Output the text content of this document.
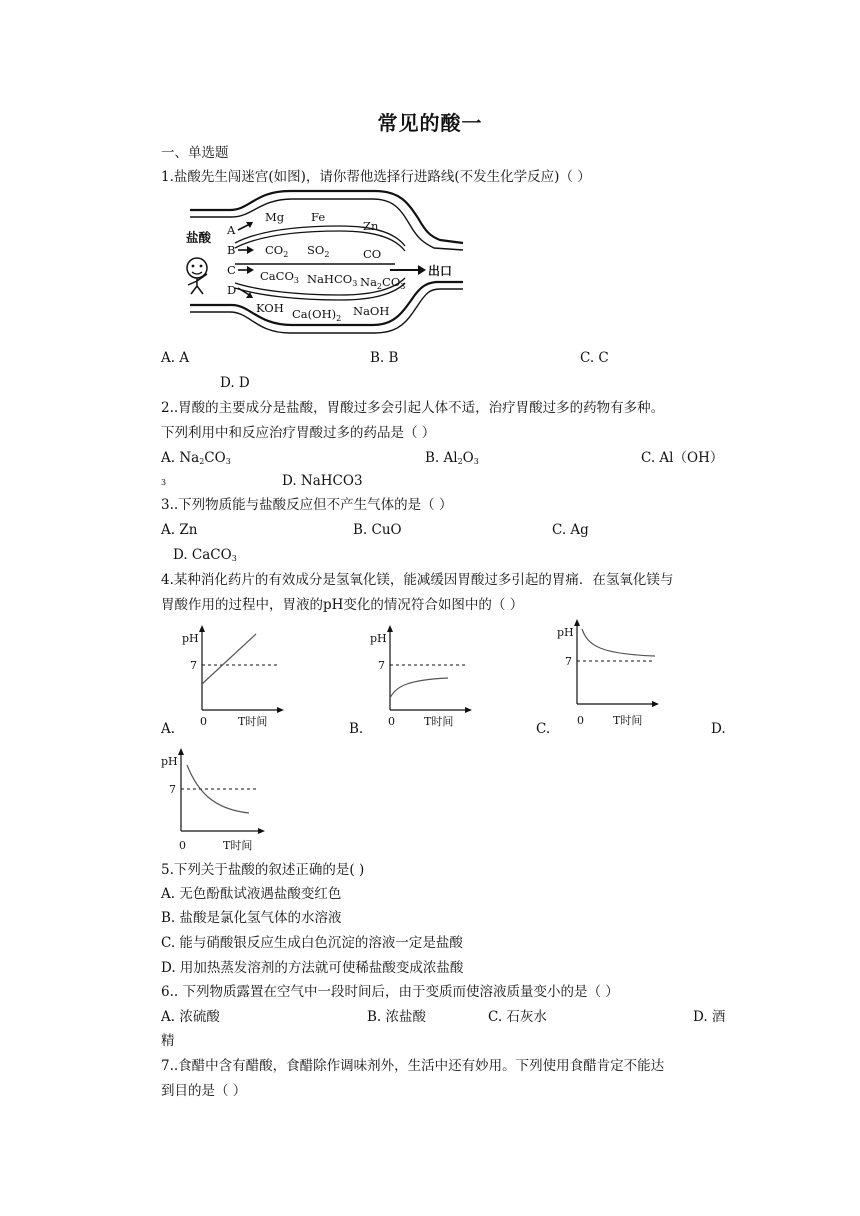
常见的酸一
一、单选题
1.盐酸先生闯迷宫(如图)，请你帮他选择行进路线(不发生化学反应)（ ）
A
B
C
D
盐酸
Mg Fe
Zn
$CO_2$ $SO_2$	CO
CaCO$_3$ NaHCO$_3$ $Na_2CO_3$
出口
KOH $Ca(OH)_2$
NaOH
A. A	B. B	C. C
D. D
2..胃酸的主要成分是盐酸，胃酸过多会引起人体不适，治疗胃酸过多的药物有多种。
下列利用中和反应治疗胃酸过多的药品是（ ）
A. $Na_2CO_3$	B. $Al_2O_3$	C. Al（OH）
3	D. NaHCO3
3..下列物质能与盐酸反应但不产生气体的是（ ）
A. Zn	B. CuO	C. Ag
D. CaCO$_3$
4.某种消化药片的有效成分是氢氧化镁，能减缓因胃酸过多引起的胃痛．在氢氧化镁与
胃酸作用的过程中，胃液的pH变化的情况符合如图中的（ ）
A.	B.	C.	D.
pH
7
0	T时间
pH
7
0	T时间
pH
7
0	T时间
pH
7
0	T时间
5.下列关于盐酸的叙述正确的是( )
A. 无色酚酞试液遇盐酸变红色
B. 盐酸是氯化氢气体的水溶液
C. 能与硝酸银反应生成白色沉淀的溶液一定是盐酸
D. 用加热蒸发溶剂的方法就可使稀盐酸变成浓盐酸
6.. 下列物质露置在空气中一段时间后，由于变质而使溶液质量变小的是（ ）
A. 浓硫酸	B. 浓盐酸	C. 石灰水	D. 酒
精
7..食醋中含有醋酸，食醋除作调味剂外，生活中还有妙用。下列使用食醋肯定不能达
到目的是（ ）
